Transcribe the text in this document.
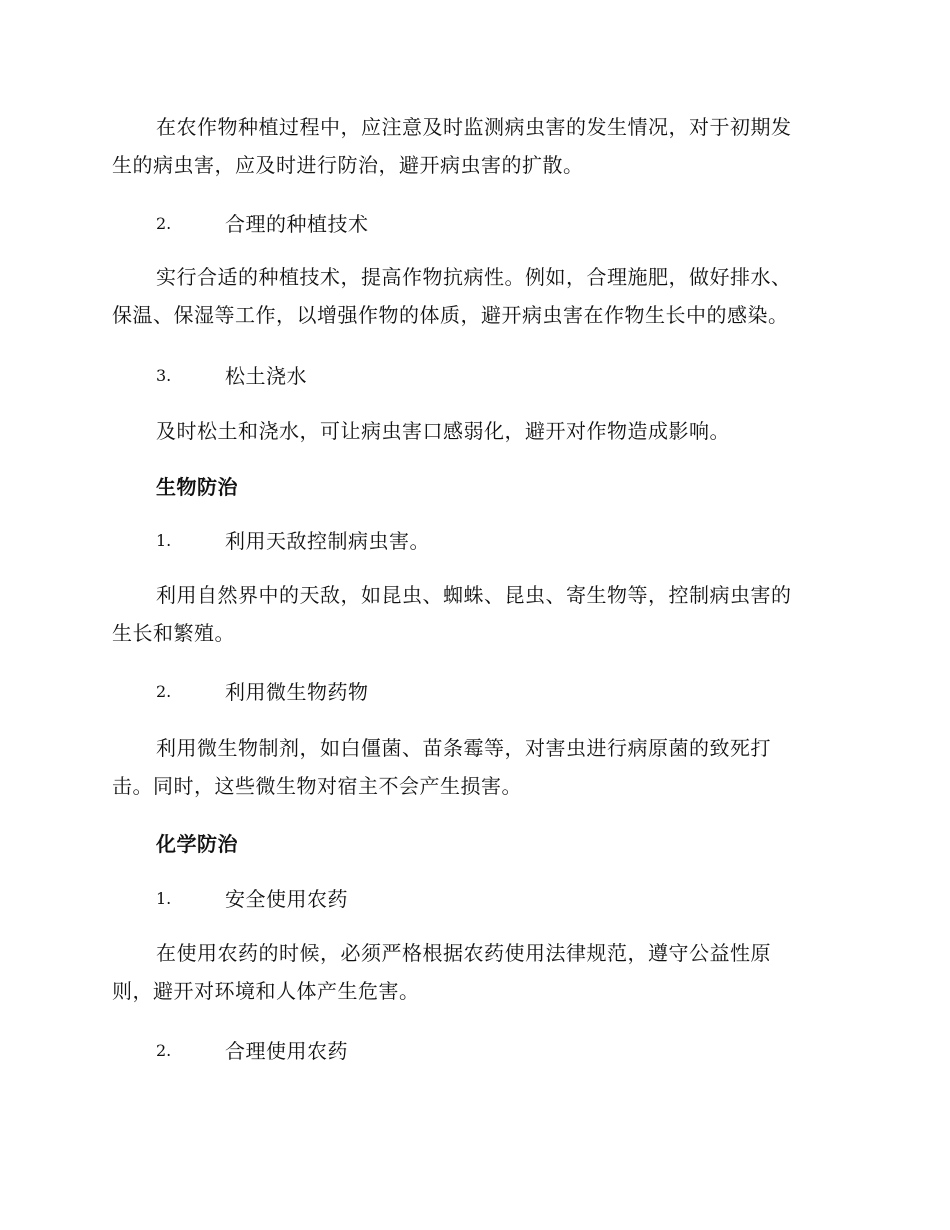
在农作物种植过程中，应注意及时监测病虫害的发生情况，对于初期发
生的病虫害，应及时进行防治，避开病虫害的扩散。
2.	合理的种植技术
实行合适的种植技术，提高作物抗病性。例如，合理施肥，做好排水、
保温、保湿等工作，以增强作物的体质，避开病虫害在作物生长中的感染。
3.	松土浇水
及时松土和浇水，可让病虫害口感弱化，避开对作物造成影响。
生物防治
1.	利用天敌控制病虫害。
利用自然界中的天敌，如昆虫、蜘蛛、昆虫、寄生物等，控制病虫害的
生长和繁殖。
2.	利用微生物药物
利用微生物制剂，如白僵菌、苗条霉等，对害虫进行病原菌的致死打
击。同时，这些微生物对宿主不会产生损害。
化学防治
1.	安全使用农药
在使用农药的时候，必须严格根据农药使用法律规范，遵守公益性原
则，避开对环境和人体产生危害。
2.	合理使用农药
